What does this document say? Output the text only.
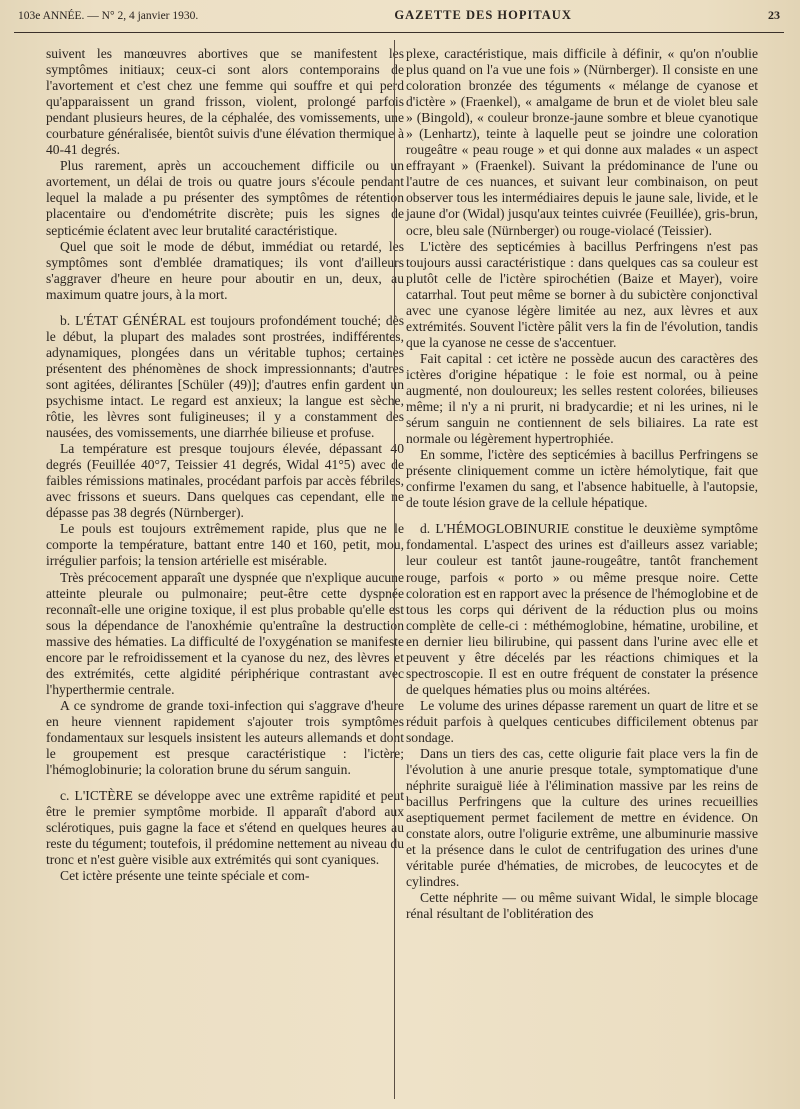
103e ANNÉE. — N° 2, 4 janvier 1930.	GAZETTE DES HOPITAUX	23

suivent les manœuvres abortives que se manifestent les symptômes initiaux; ceux-ci sont alors contemporains de l'avortement et c'est chez une femme qui souffre et qui perd qu'apparaissent un grand frisson, violent, prolongé parfois pendant plusieurs heures, de la céphalée, des vomissements, une courbature généralisée, bientôt suivis d'une élévation thermique à 40-41 degrés.

Plus rarement, après un accouchement difficile ou un avortement, un délai de trois ou quatre jours s'écoule pendant lequel la malade a pu présenter des symptômes de rétention placentaire ou d'endométrite discrète; puis les signes de septicémie éclatent avec leur brutalité caractéristique.

Quel que soit le mode de début, immédiat ou retardé, les symptômes sont d'emblée dramatiques; ils vont d'ailleurs s'aggraver d'heure en heure pour aboutir en un, deux, au maximum quatre jours, à la mort.

b. L'ÉTAT GÉNÉRAL est toujours profondément touché; dès le début, la plupart des malades sont prostrées, indifférentes, adynamiques, plongées dans un véritable tuphos; certaines présentent des phénomènes de shock impressionnants; d'autres sont agitées, délirantes [Schüler (49)]; d'autres enfin gardent un psychisme intact. Le regard est anxieux; la langue est sèche, rôtie, les lèvres sont fuligineuses; il y a constamment des nausées, des vomissements, une diarrhée bilieuse et profuse.

La température est presque toujours élevée, dépassant 40 degrés (Feuillée 40°7, Teissier 41 degrés, Widal 41°5) avec de faibles rémissions matinales, procédant parfois par accès fébriles, avec frissons et sueurs. Dans quelques cas cependant, elle ne dépasse pas 38 degrés (Nürnberger).

Le pouls est toujours extrêmement rapide, plus que ne le comporte la température, battant entre 140 et 160, petit, mou, irrégulier parfois; la tension artérielle est misérable.

Très précocement apparaît une dyspnée que n'explique aucune atteinte pleurale ou pulmonaire; peut-être cette dyspnée reconnaît-elle une origine toxique, il est plus probable qu'elle est sous la dépendance de l'anoxhémie qu'entraîne la destruction massive des hématies. La difficulté de l'oxygénation se manifeste encore par le refroidissement et la cyanose du nez, des lèvres et des extrémités, cette algidité périphérique contrastant avec l'hyperthermie centrale.

A ce syndrome de grande toxi-infection qui s'aggrave d'heure en heure viennent rapidement s'ajouter trois symptômes fondamentaux sur lesquels insistent les auteurs allemands et dont le groupement est presque caractéristique : l'ictère; l'hémoglobinurie; la coloration brune du sérum sanguin.

c. L'ICTÈRE se développe avec une extrême rapidité et peut être le premier symptôme morbide. Il apparaît d'abord aux sclérotiques, puis gagne la face et s'étend en quelques heures au reste du tégument; toutefois, il prédomine nettement au niveau du tronc et n'est guère visible aux extrémités qui sont cyaniques.

Cet ictère présente une teinte spéciale et com-

plexe, caractéristique, mais difficile à définir, « qu'on n'oublie plus quand on l'a vue une fois » (Nürnberger). Il consiste en une coloration bronzée des téguments « mélange de cyanose et d'ictère » (Fraenkel), « amalgame de brun et de violet bleu sale » (Bingold), « couleur bronze-jaune sombre et bleue cyanotique » (Lenhartz), teinte à laquelle peut se joindre une coloration rougeâtre « peau rouge » et qui donne aux malades « un aspect effrayant » (Fraenkel). Suivant la prédominance de l'une ou l'autre de ces nuances, et suivant leur combinaison, on peut observer tous les intermédiaires depuis le jaune sale, livide, et le jaune d'or (Widal) jusqu'aux teintes cuivrée (Feuillée), gris-brun, ocre, bleu sale (Nürnberger) ou rouge-violacé (Teissier).

L'ictère des septicémies à bacillus Perfringens n'est pas toujours aussi caractéristique : dans quelques cas sa couleur est plutôt celle de l'ictère spirochétien (Baize et Mayer), voire catarrhal. Tout peut même se borner à du subictère conjonctival avec une cyanose légère limitée au nez, aux lèvres et aux extrémités. Souvent l'ictère pâlit vers la fin de l'évolution, tandis que la cyanose ne cesse de s'accentuer.

Fait capital : cet ictère ne possède aucun des caractères des ictères d'origine hépatique : le foie est normal, ou à peine augmenté, non douloureux; les selles restent colorées, bilieuses même; il n'y a ni prurit, ni bradycardie; et ni les urines, ni le sérum sanguin ne contiennent de sels biliaires. La rate est normale ou légèrement hypertrophiée.

En somme, l'ictère des septicémies à bacillus Perfringens se présente cliniquement comme un ictère hémolytique, fait que confirme l'examen du sang, et l'absence habituelle, à l'autopsie, de toute lésion grave de la cellule hépatique.

d. L'HÉMOGLOBINURIE constitue le deuxième symptôme fondamental. L'aspect des urines est d'ailleurs assez variable; leur couleur est tantôt jaune-rougeâtre, tantôt franchement rouge, parfois « porto » ou même presque noire. Cette coloration est en rapport avec la présence de l'hémoglobine et de tous les corps qui dérivent de la réduction plus ou moins complète de celle-ci : méthémoglobine, hématine, urobiline, et en dernier lieu bilirubine, qui passent dans l'urine avec elle et peuvent y être décelés par les réactions chimiques et la spectroscopie. Il est en outre fréquent de constater la présence de quelques hématies plus ou moins altérées.

Le volume des urines dépasse rarement un quart de litre et se réduit parfois à quelques centicubes difficilement obtenus par sondage.

Dans un tiers des cas, cette oligurie fait place vers la fin de l'évolution à une anurie presque totale, symptomatique d'une néphrite suraiguë liée à l'élimination massive par les reins de bacillus Perfringens que la culture des urines recueillies aseptiquement permet facilement de mettre en évidence. On constate alors, outre l'oligurie extrême, une albuminurie massive et la présence dans le culot de centrifugation des urines d'une véritable purée d'hématies, de microbes, de leucocytes et de cylindres.

Cette néphrite — ou même suivant Widal, le simple blocage rénal résultant de l'oblitération des
